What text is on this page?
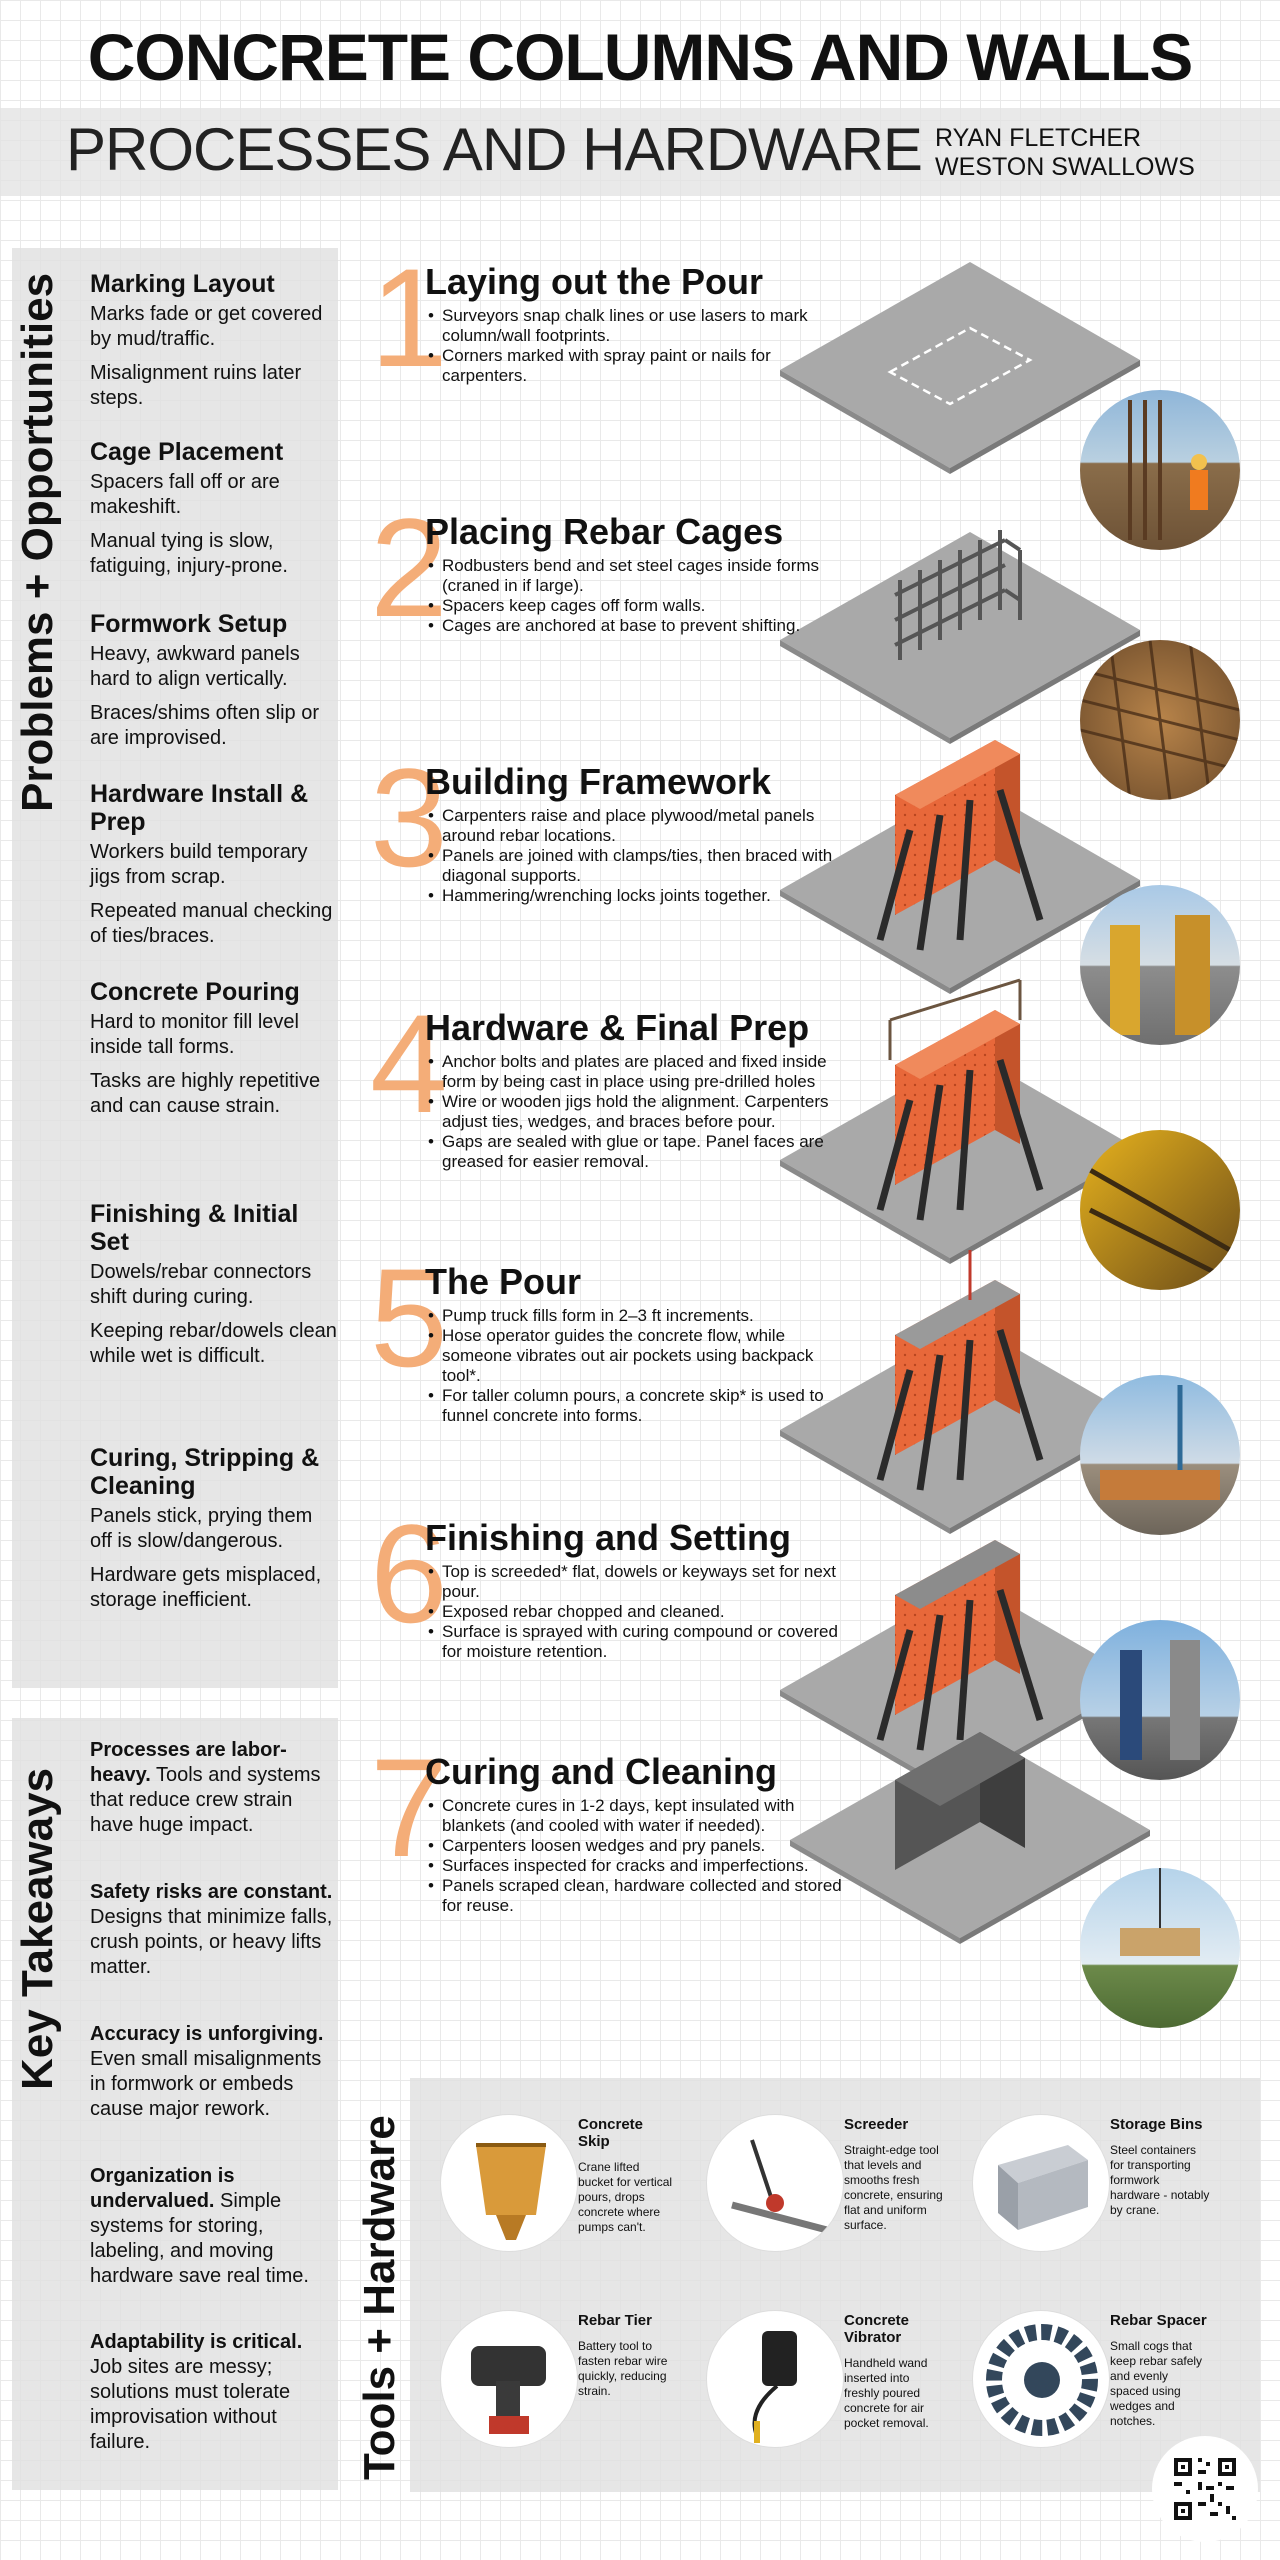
CONCRETE COLUMNS AND WALLS
PROCESSES AND HARDWARE RYAN FLETCHER
WESTON SWALLOWS
Problems + Opportunities Marking Layout

Marks fade or get covered by mud/traffic.

Misalignment ruins later steps.

Cage Placement

Spacers fall off or are makeshift.

Manual tying is slow, fatiguing, injury-prone.

Formwork Setup

Heavy, awkward panels hard to align vertically.

Braces/shims often slip or are improvised.

Hardware Install & Prep

Workers build temporary jigs from scrap.

Repeated manual checking of ties/braces.

Concrete Pouring

Hard to monitor fill level inside tall forms.

Tasks are highly repetitive and can cause strain.

Finishing & Initial Set

Dowels/rebar connectors shift during curing.

Keeping rebar/dowels clean while wet is difficult.

Curing, Stripping & Cleaning

Panels stick, prying them off is slow/dangerous.

Hardware gets misplaced, storage inefficient.

Key Takeaways
Processes are labor-heavy. Tools and systems that reduce crew strain have huge impact.
Safety risks are constant. Designs that minimize falls, crush points, or heavy lifts matter.
Accuracy is unforgiving. Even small misalignments in formwork or embeds cause major rework.
Organization is undervalued. Simple systems for storing, labeling, and moving hardware save real time.
Adaptability is critical. Job sites are messy; solutions must tolerate improvisation without failure.
1
Laying out the Pour
• Surveyors snap chalk lines or use lasers to mark column/wall footprints.
• Corners marked with spray paint or nails for carpenters.
2
Placing Rebar Cages
• Rodbusters bend and set steel cages inside forms (craned in if large).
• Spacers keep cages off form walls.
• Cages are anchored at base to prevent shifting.
3
Building Framework
• Carpenters raise and place plywood/metal panels around rebar locations.
• Panels are joined with clamps/ties, then braced with diagonal supports.
• Hammering/wrenching locks joints together.
4
Hardware & Final Prep
• Anchor bolts and plates are placed and fixed inside form by being cast in place using pre-drilled holes
• Wire or wooden jigs hold the alignment. Carpenters adjust ties, wedges, and braces before pour.
• Gaps are sealed with glue or tape. Panel faces are greased for easier removal.
5
The Pour
• Pump truck fills form in 2–3 ft increments.
• Hose operator guides the concrete flow, while someone vibrates out air pockets using backpack tool*.
• For taller column pours, a concrete skip* is used to funnel concrete into forms.
6
Finishing and Setting
• Top is screeded* flat, dowels or keyways set for next pour.
• Exposed rebar chopped and cleaned.
• Surface is sprayed with curing compound or covered for moisture retention.
7
Curing and Cleaning
• Concrete cures in 1-2 days, kept insulated with blankets (and cooled with water if needed).
• Carpenters loosen wedges and pry panels.
• Surfaces inspected for cracks and imperfections.
• Panels scraped clean, hardware collected and stored for reuse.
Tools + Hardware	Concrete Skip
Crane lifted bucket for vertical pours, drops concrete where pumps can't.
Screeder
Straight-edge tool that levels and smooths fresh concrete, ensuring flat and uniform surface.
Storage Bins
Steel containers for transporting formwork hardware - notably by crane.
Rebar Tier
Battery tool to fasten rebar wire quickly, reducing strain.
Concrete Vibrator
Handheld wand inserted into freshly poured concrete for air pocket removal.
Rebar Spacer
Small cogs that keep rebar safely and evenly spaced using wedges and notches.
